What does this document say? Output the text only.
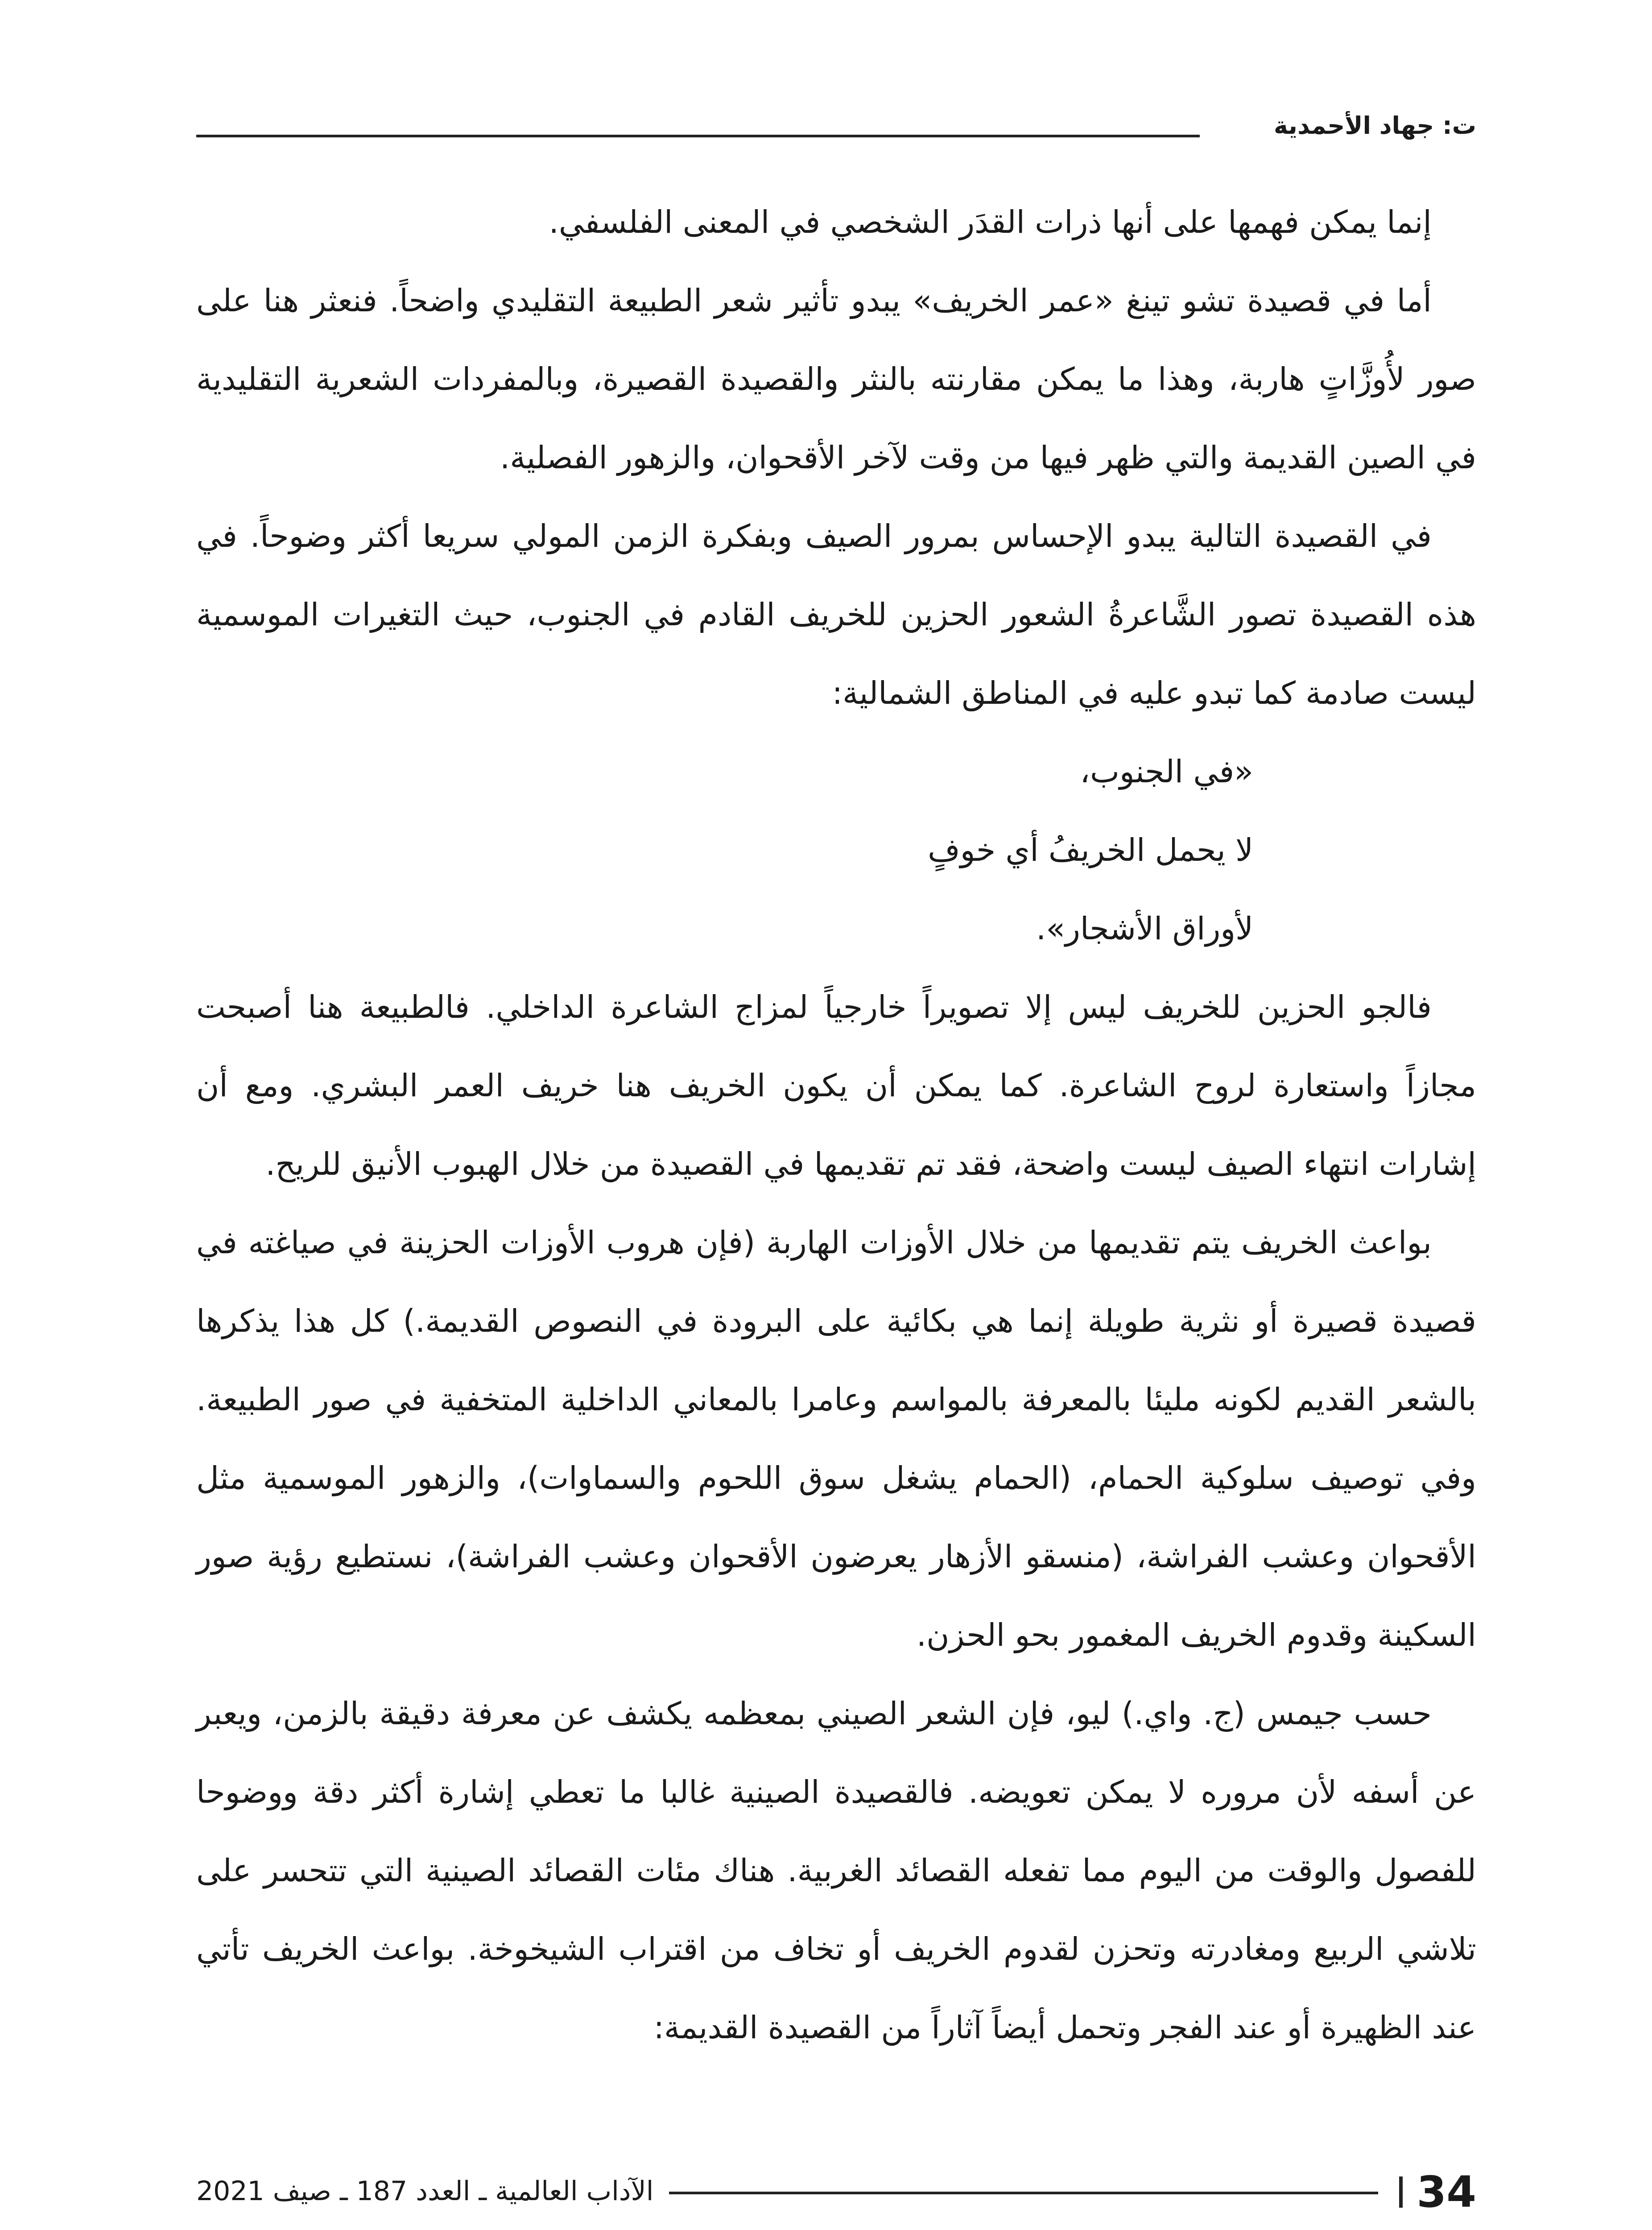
ت: جهاد الأحمدية

إنما يمكن فهمها على أنها ذرات القدَر الشخصي في المعنى الفلسفي.

أما في قصيدة تشو تينغ «عمر الخريف» يبدو تأثير شعر الطبيعة التقليدي واضحاً. فنعثر هنا على صور لأُوزَّاتٍ هاربة، وهذا ما يمكن مقارنته بالنثر والقصيدة القصيرة، وبالمفردات الشعرية التقليدية في الصين القديمة والتي ظهر فيها من وقت لآخر الأقحوان، والزهور الفصلية.

في القصيدة التالية يبدو الإحساس بمرور الصيف وبفكرة الزمن المولي سريعا أكثر وضوحاً. في هذه القصيدة تصور الشَّاعرةُ الشعور الحزين للخريف القادم في الجنوب، حيث التغيرات الموسمية ليست صادمة كما تبدو عليه في المناطق الشمالية:

«في الجنوب،

لا يحمل الخريفُ أي خوفٍ

لأوراق الأشجار».

فالجو الحزين للخريف ليس إلا تصويراً خارجياً لمزاج الشاعرة الداخلي. فالطبيعة هنا أصبحت مجازاً واستعارة لروح الشاعرة. كما يمكن أن يكون الخريف هنا خريف العمر البشري. ومع أن إشارات انتهاء الصيف ليست واضحة، فقد تم تقديمها في القصيدة من خلال الهبوب الأنيق للريح.

بواعث الخريف يتم تقديمها من خلال الأوزات الهاربة (فإن هروب الأوزات الحزينة في صياغته في قصيدة قصيرة أو نثرية طويلة إنما هي بكائية على البرودة في النصوص القديمة.) كل هذا يذكرها بالشعر القديم لكونه مليئا بالمعرفة بالمواسم وعامرا بالمعاني الداخلية المتخفية في صور الطبيعة. وفي توصيف سلوكية الحمام، (الحمام يشغل سوق اللحوم والسماوات)، والزهور الموسمية مثل الأقحوان وعشب الفراشة، (منسقو الأزهار يعرضون الأقحوان وعشب الفراشة)، نستطيع رؤية صور السكينة وقدوم الخريف المغمور بحو الحزن.

حسب جيمس (ج. واي.) ليو، فإن الشعر الصيني بمعظمه يكشف عن معرفة دقيقة بالزمن، ويعبر عن أسفه لأن مروره لا يمكن تعويضه. فالقصيدة الصينية غالبا ما تعطي إشارة أكثر دقة ووضوحا للفصول والوقت من اليوم مما تفعله القصائد الغربية. هناك مئات القصائد الصينية التي تتحسر على تلاشي الربيع ومغادرته وتحزن لقدوم الخريف أو تخاف من اقتراب الشيخوخة. بواعث الخريف تأتي عند الظهيرة أو عند الفجر وتحمل أيضاً آثاراً من القصيدة القديمة:

34
الآداب العالمية ـ العدد 187 ـ صيف 2021
